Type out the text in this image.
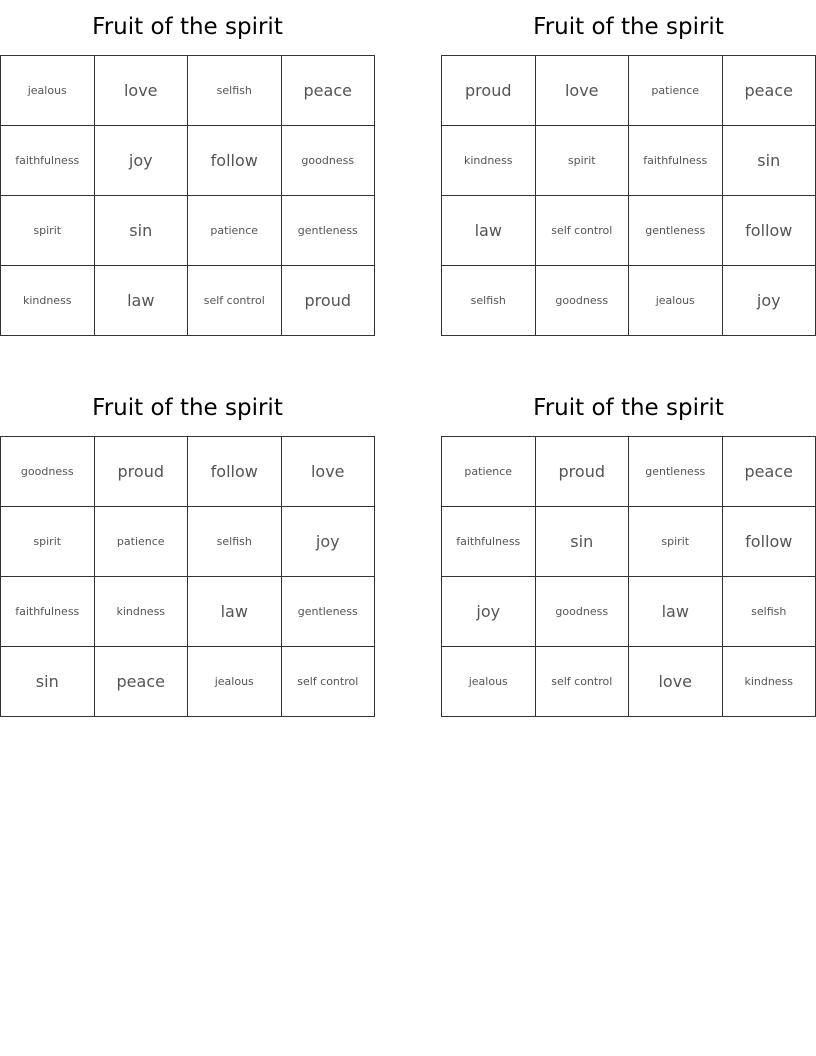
Fruit of the spirit
jealous	love	selfish	peace
faithfulness	joy	follow	goodness
spirit	sin	patience	gentleness
kindness	law	self control	proud
Fruit of the spirit
proud	love	patience	peace
kindness	spirit	faithfulness	sin
law	self control	gentleness	follow
selfish	goodness	jealous	joy
Fruit of the spirit
goodness	proud	follow	love
spirit	patience	selfish	joy
faithfulness	kindness	law	gentleness
sin	peace	jealous	self control
Fruit of the spirit
patience	proud	gentleness	peace
faithfulness	sin	spirit	follow
joy	goodness	law	selfish
jealous	self control	love	kindness
